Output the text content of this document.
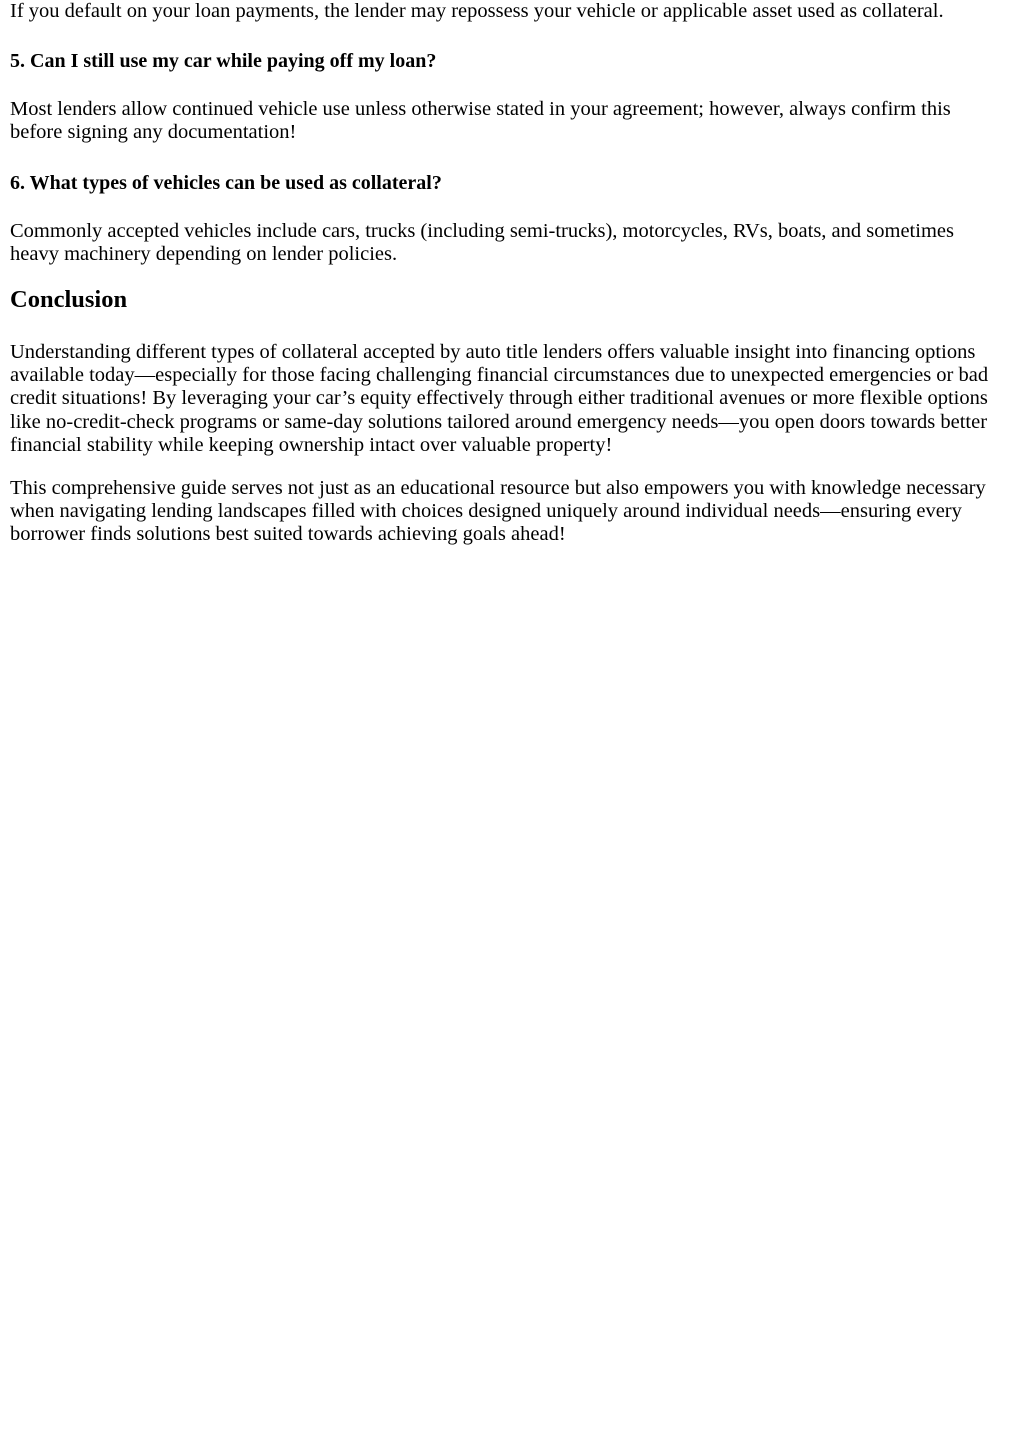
If you default on your loan payments, the lender may repossess your vehicle or applicable asset used as collateral.

5. Can I still use my car while paying off my loan?

Most lenders allow continued vehicle use unless otherwise stated in your agreement; however, always confirm this before signing any documentation!

6. What types of vehicles can be used as collateral?

Commonly accepted vehicles include cars, trucks (including semi-trucks), motorcycles, RVs, boats, and sometimes heavy machinery depending on lender policies.

Conclusion

Understanding different types of collateral accepted by auto title lenders offers valuable insight into financing options available today—especially for those facing challenging financial circumstances due to unexpected emergencies or bad credit situations! By leveraging your car’s equity effectively through either traditional avenues or more flexible options like no-credit-check programs or same-day solutions tailored around emergency needs—you open doors towards better financial stability while keeping ownership intact over valuable property!

This comprehensive guide serves not just as an educational resource but also empowers you with knowledge necessary when navigating lending landscapes filled with choices designed uniquely around individual needs—ensuring every borrower finds solutions best suited towards achieving goals ahead!
